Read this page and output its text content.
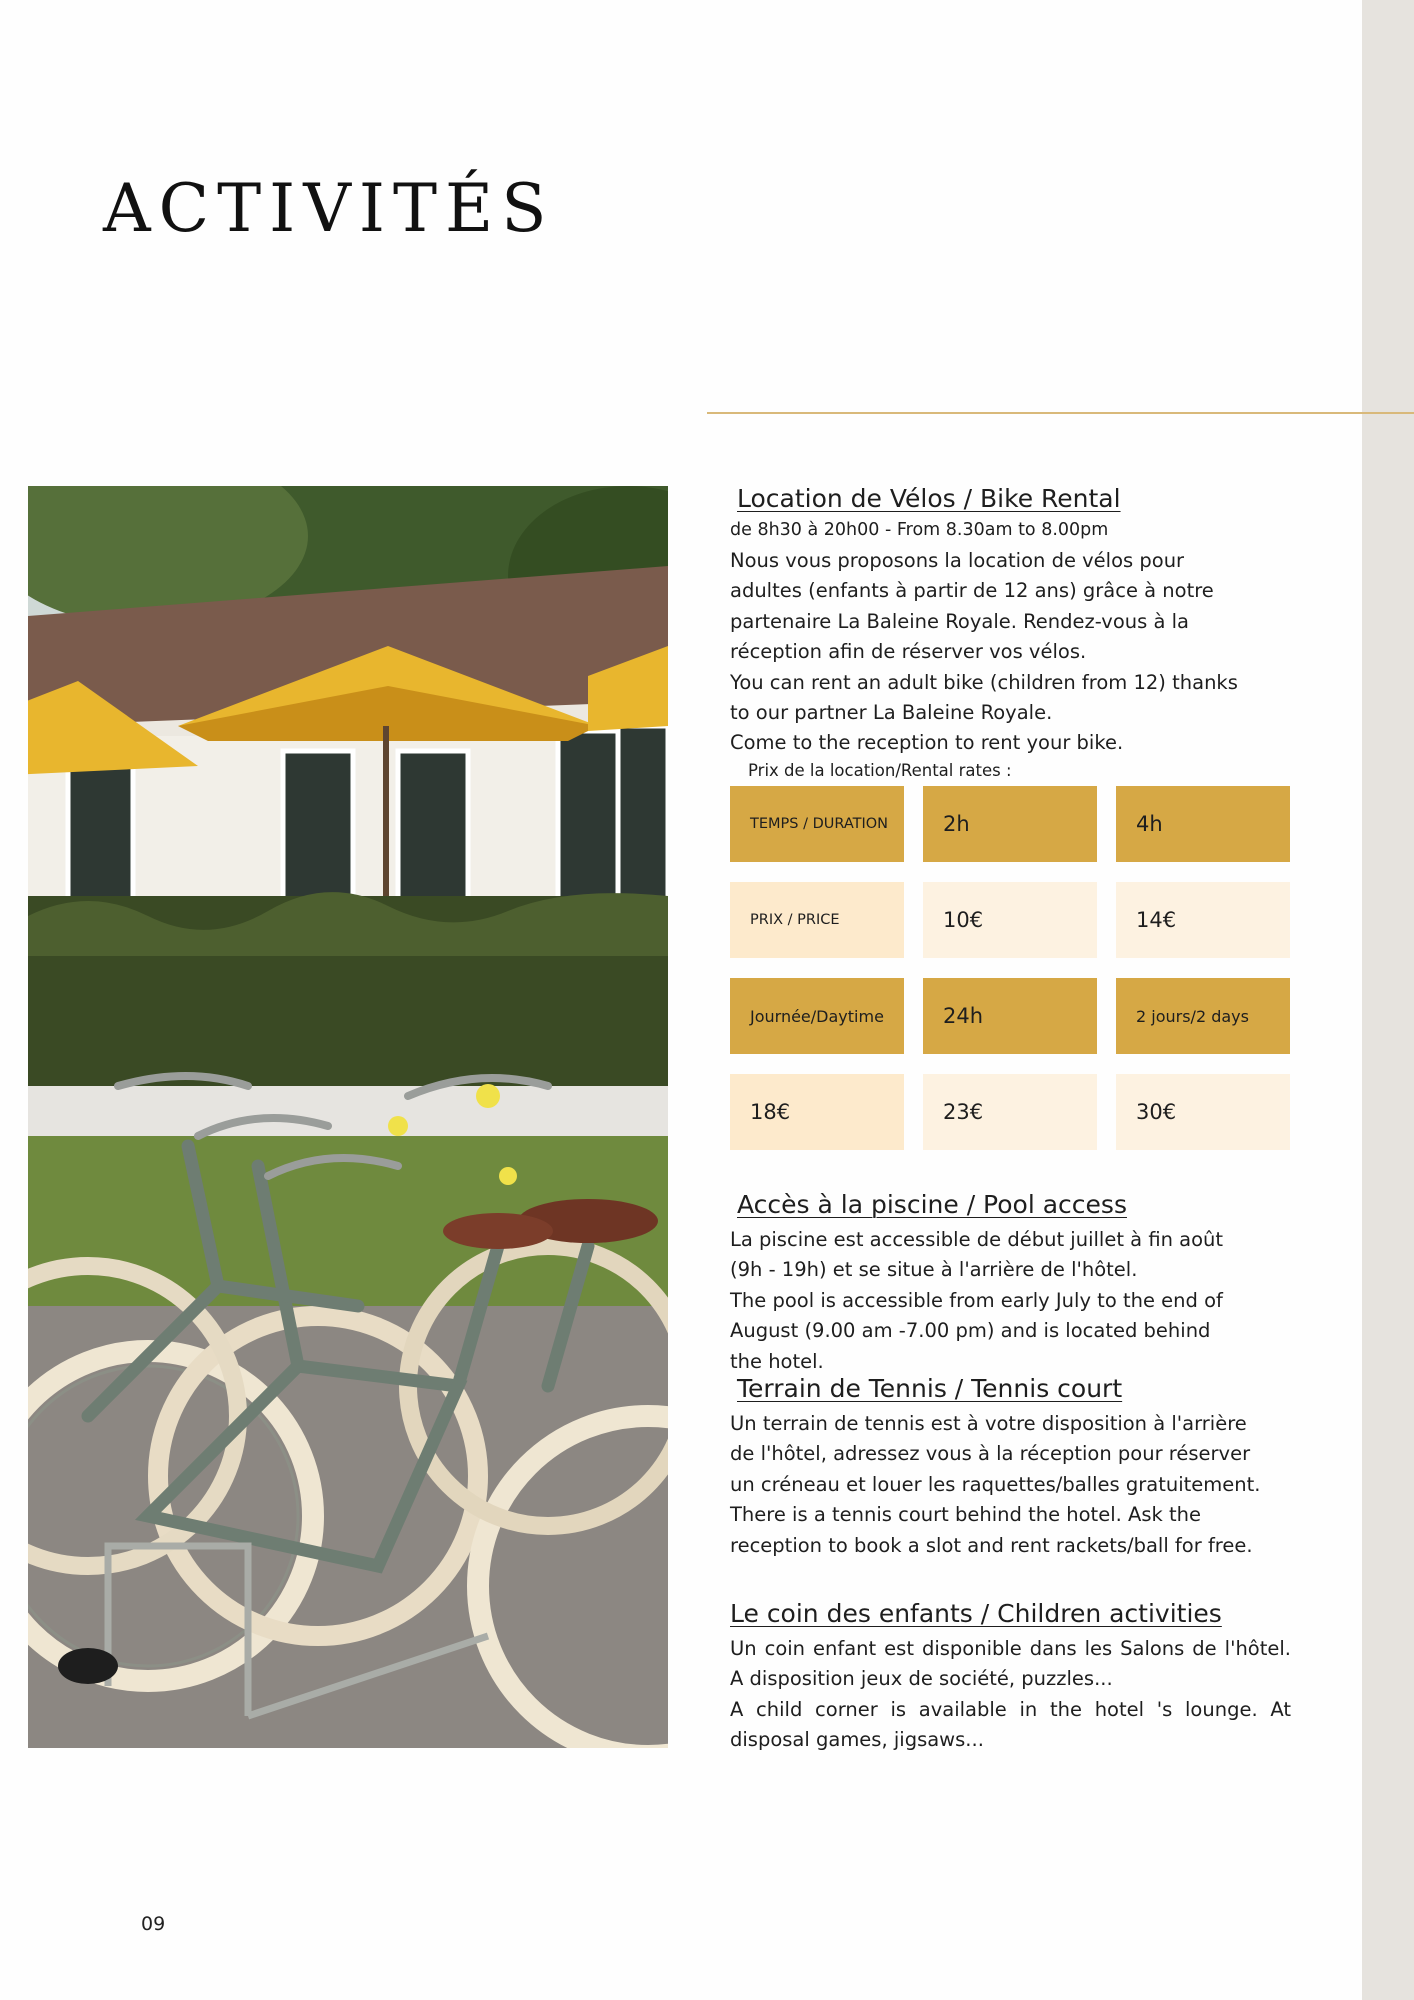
ACTIVITÉS
Location de Vélos / Bike Rental

de 8h30 à 20h00 - From 8.30am to 8.00pm

Nous vous proposons la location de vélos pour
adultes (enfants à partir de 12 ans) grâce à notre
partenaire La Baleine Royale. Rendez-vous à la
réception afin de réserver vos vélos.
You can rent an adult bike (children from 12) thanks
to our partner La Baleine Royale.
Come to the reception to rent your bike.

Prix de la location/Rental rates :

TEMPS / DURATION	2h	4h
PRIX / PRICE	10€	14€
Journée/Daytime	24h	2 jours/2 days
18€	23€	30€
Accès à la piscine / Pool access

La piscine est accessible de début juillet à fin août
(9h - 19h) et se situe à l'arrière de l'hôtel.
The pool is accessible from early July to the end of
August (9.00 am -7.00 pm) and is located behind
the hotel.

Terrain de Tennis / Tennis court

Un terrain de tennis est à votre disposition à l'arrière
de l'hôtel, adressez vous à la réception pour réserver
un créneau et louer les raquettes/balles gratuitement.
There is a tennis court behind the hotel. Ask the
reception to book a slot and rent rackets/ball for free.

Le coin des enfants / Children activities

Un coin enfant est disponible dans les Salons de l'hôtel.
A disposition jeux de société, puzzles...
A child corner is available in the hotel 's lounge. At
disposal games, jigsaws...

09
